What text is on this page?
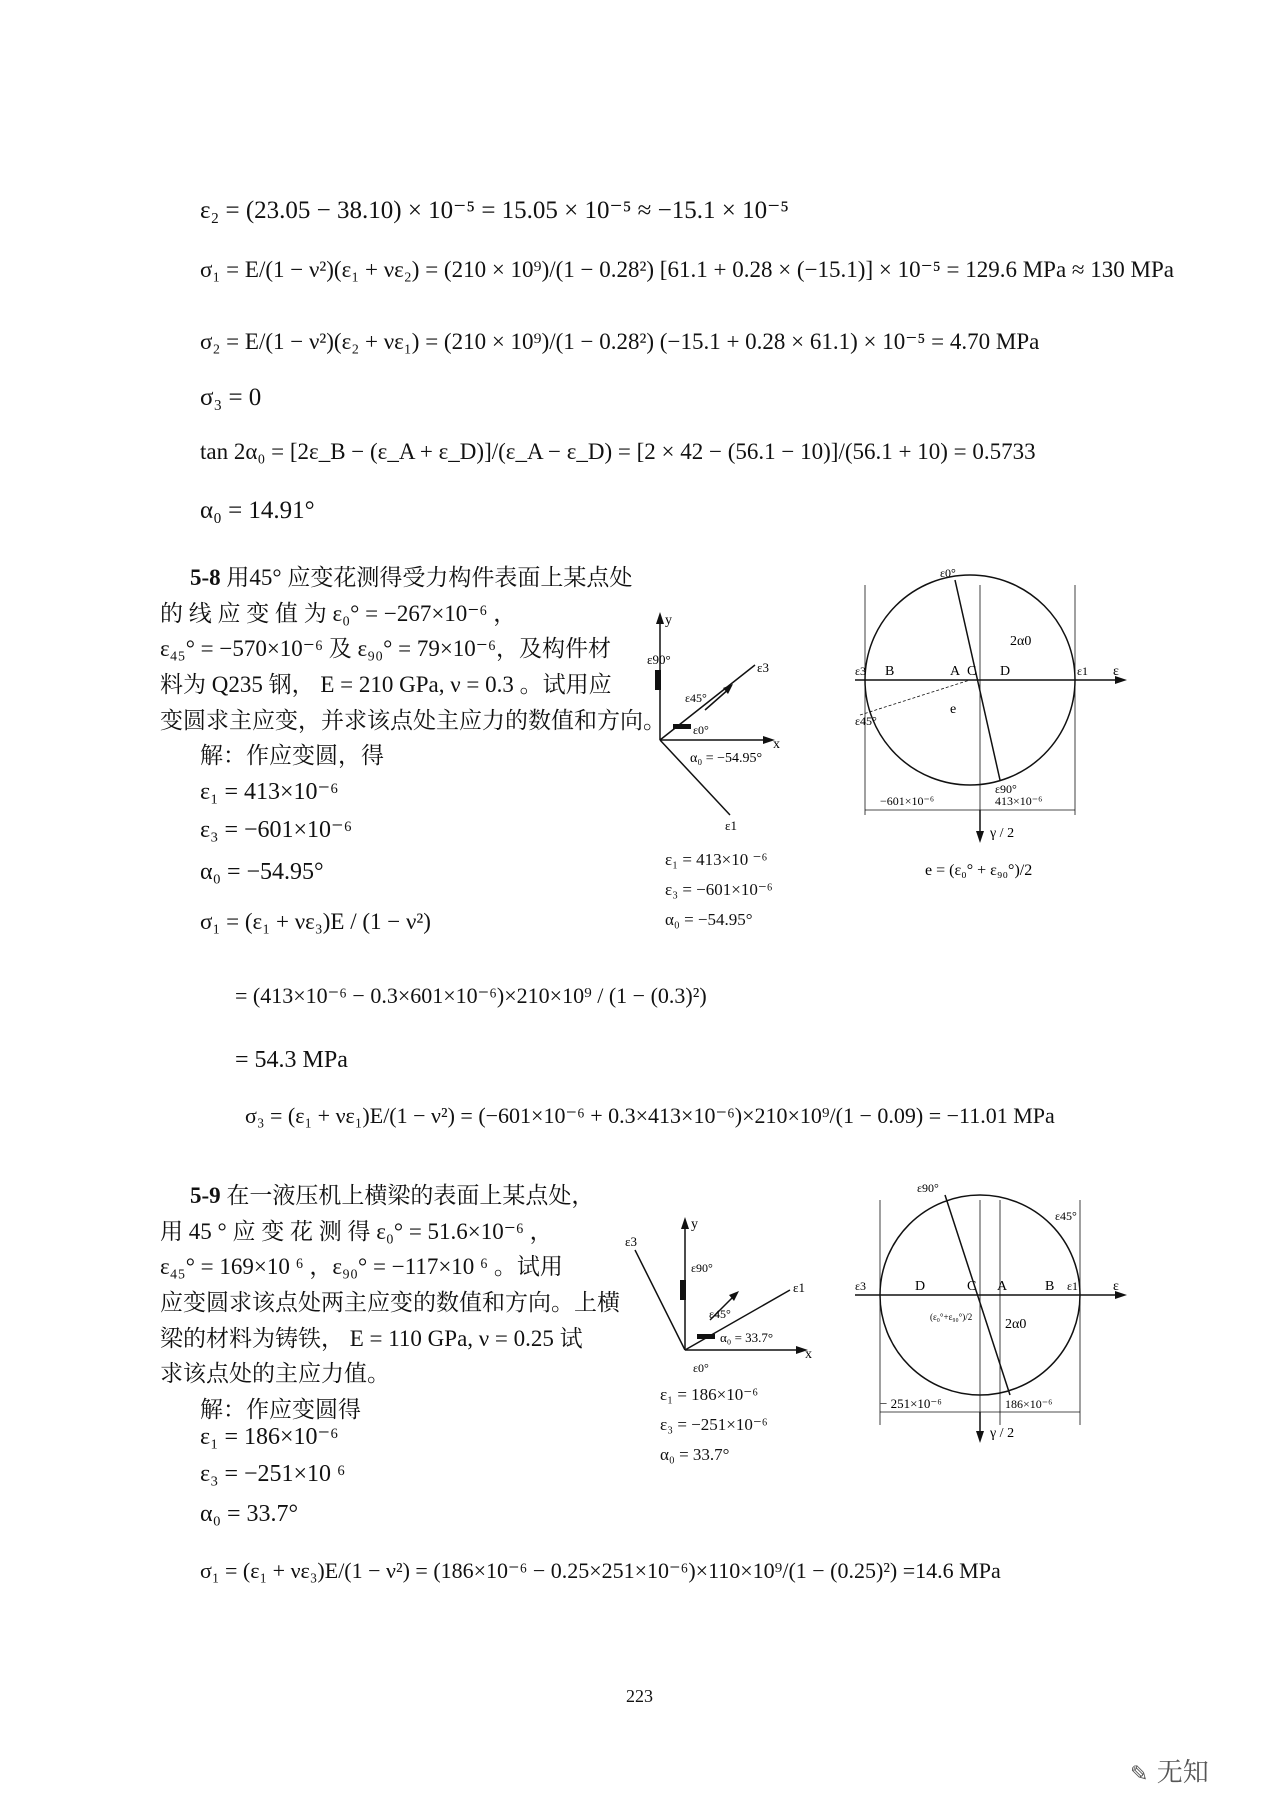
ε₂ = (23.05 − 38.10) × 10⁻⁵ = 15.05 × 10⁻⁵ ≈ −15.1 × 10⁻⁵
σ₁ = E/(1 − ν²)(ε₁ + νε₂) = (210 × 10⁹)/(1 − 0.28²) [61.1 + 0.28 × (−15.1)] × 10⁻⁵ = 129.6 MPa ≈ 130 MPa
σ₂ = E/(1 − ν²)(ε₂ + νε₁) = (210 × 10⁹)/(1 − 0.28²) (−15.1 + 0.28 × 61.1) × 10⁻⁵ = 4.70 MPa
σ₃ = 0
tan 2α₀ = [2ε_B − (ε_A + ε_D)]/(ε_A − ε_D) = [2 × 42 − (56.1 − 10)]/(56.1 + 10) = 0.5733
α₀ = 14.91°
5-8 用45° 应变花测得受力构件表面上某点处
的 线 应 变 值 为 ε₀° = −267×10⁻⁶ ，
ε₄₅° = −570×10⁻⁶ 及 ε₉₀° = 79×10⁻⁶，及构件材
料为 Q235 钢， E = 210 GPa, ν = 0.3 。试用应
变圆求主应变，并求该点处主应力的数值和方向。
解：作应变圆，得
ε₁ = 413×10⁻⁶
ε₃ = −601×10⁻⁶
α₀ = −54.95°
σ₁ = (ε₁ + νε₃)E / (1 − ν²)
= (413×10⁻⁶ − 0.3×601×10⁻⁶)×210×10⁹ / (1 − (0.3)²)
= 54.3 MPa
σ₃ = (ε₁ + νε₁)E/(1 − ν²) = (−601×10⁻⁶ + 0.3×413×10⁻⁶)×210×10⁹/(1 − 0.09) = −11.01 MPa
y
ε90°
ε45°
ε3
ε0°
x
ε1
α₀ = −54.95°
ε₁ = 413×10 ⁻⁶
ε₃ = −601×10⁻⁶
α₀ = −54.95°
ε0°
2α0
ε3 B	A C D	ε1 ε
ε45°
e
ε90°
−601×10⁻⁶	413×10⁻⁶
γ / 2
e = (ε₀° + ε₉₀°)/2
5-9 在一液压机上横梁的表面上某点处，
用 45 ° 应 变 花 测 得 ε₀° = 51.6×10⁻⁶ ，
ε₄₅° = 169×10 ⁶ ，ε₉₀° = −117×10 ⁶ 。试用
应变圆求该点处两主应变的数值和方向。上横
梁的材料为铸铁， E = 110 GPa, ν = 0.25 试
求该点处的主应力值。
解：作应变圆得
ε₁ = 186×10⁻⁶
ε₃ = −251×10 ⁶
α₀ = 33.7°
σ₁ = (ε₁ + νε₃)E/(1 − ν²) = (186×10⁻⁶ − 0.25×251×10⁻⁶)×110×10⁹/(1 − (0.25)²) =14.6 MPa
y
ε3
ε90°
ε45°
ε1
ε0°
x
α₀ = 33.7°
ε₁ = 186×10⁻⁶
ε₃ = −251×10⁻⁶
α₀ = 33.7°
ε90°
ε45°
ε3	D	C A	B ε1 ε
2α0
(ε₀°+ε₉₀°)/2
− 251×10⁻⁶	186×10⁻⁶
γ / 2
223
✎ 无知
